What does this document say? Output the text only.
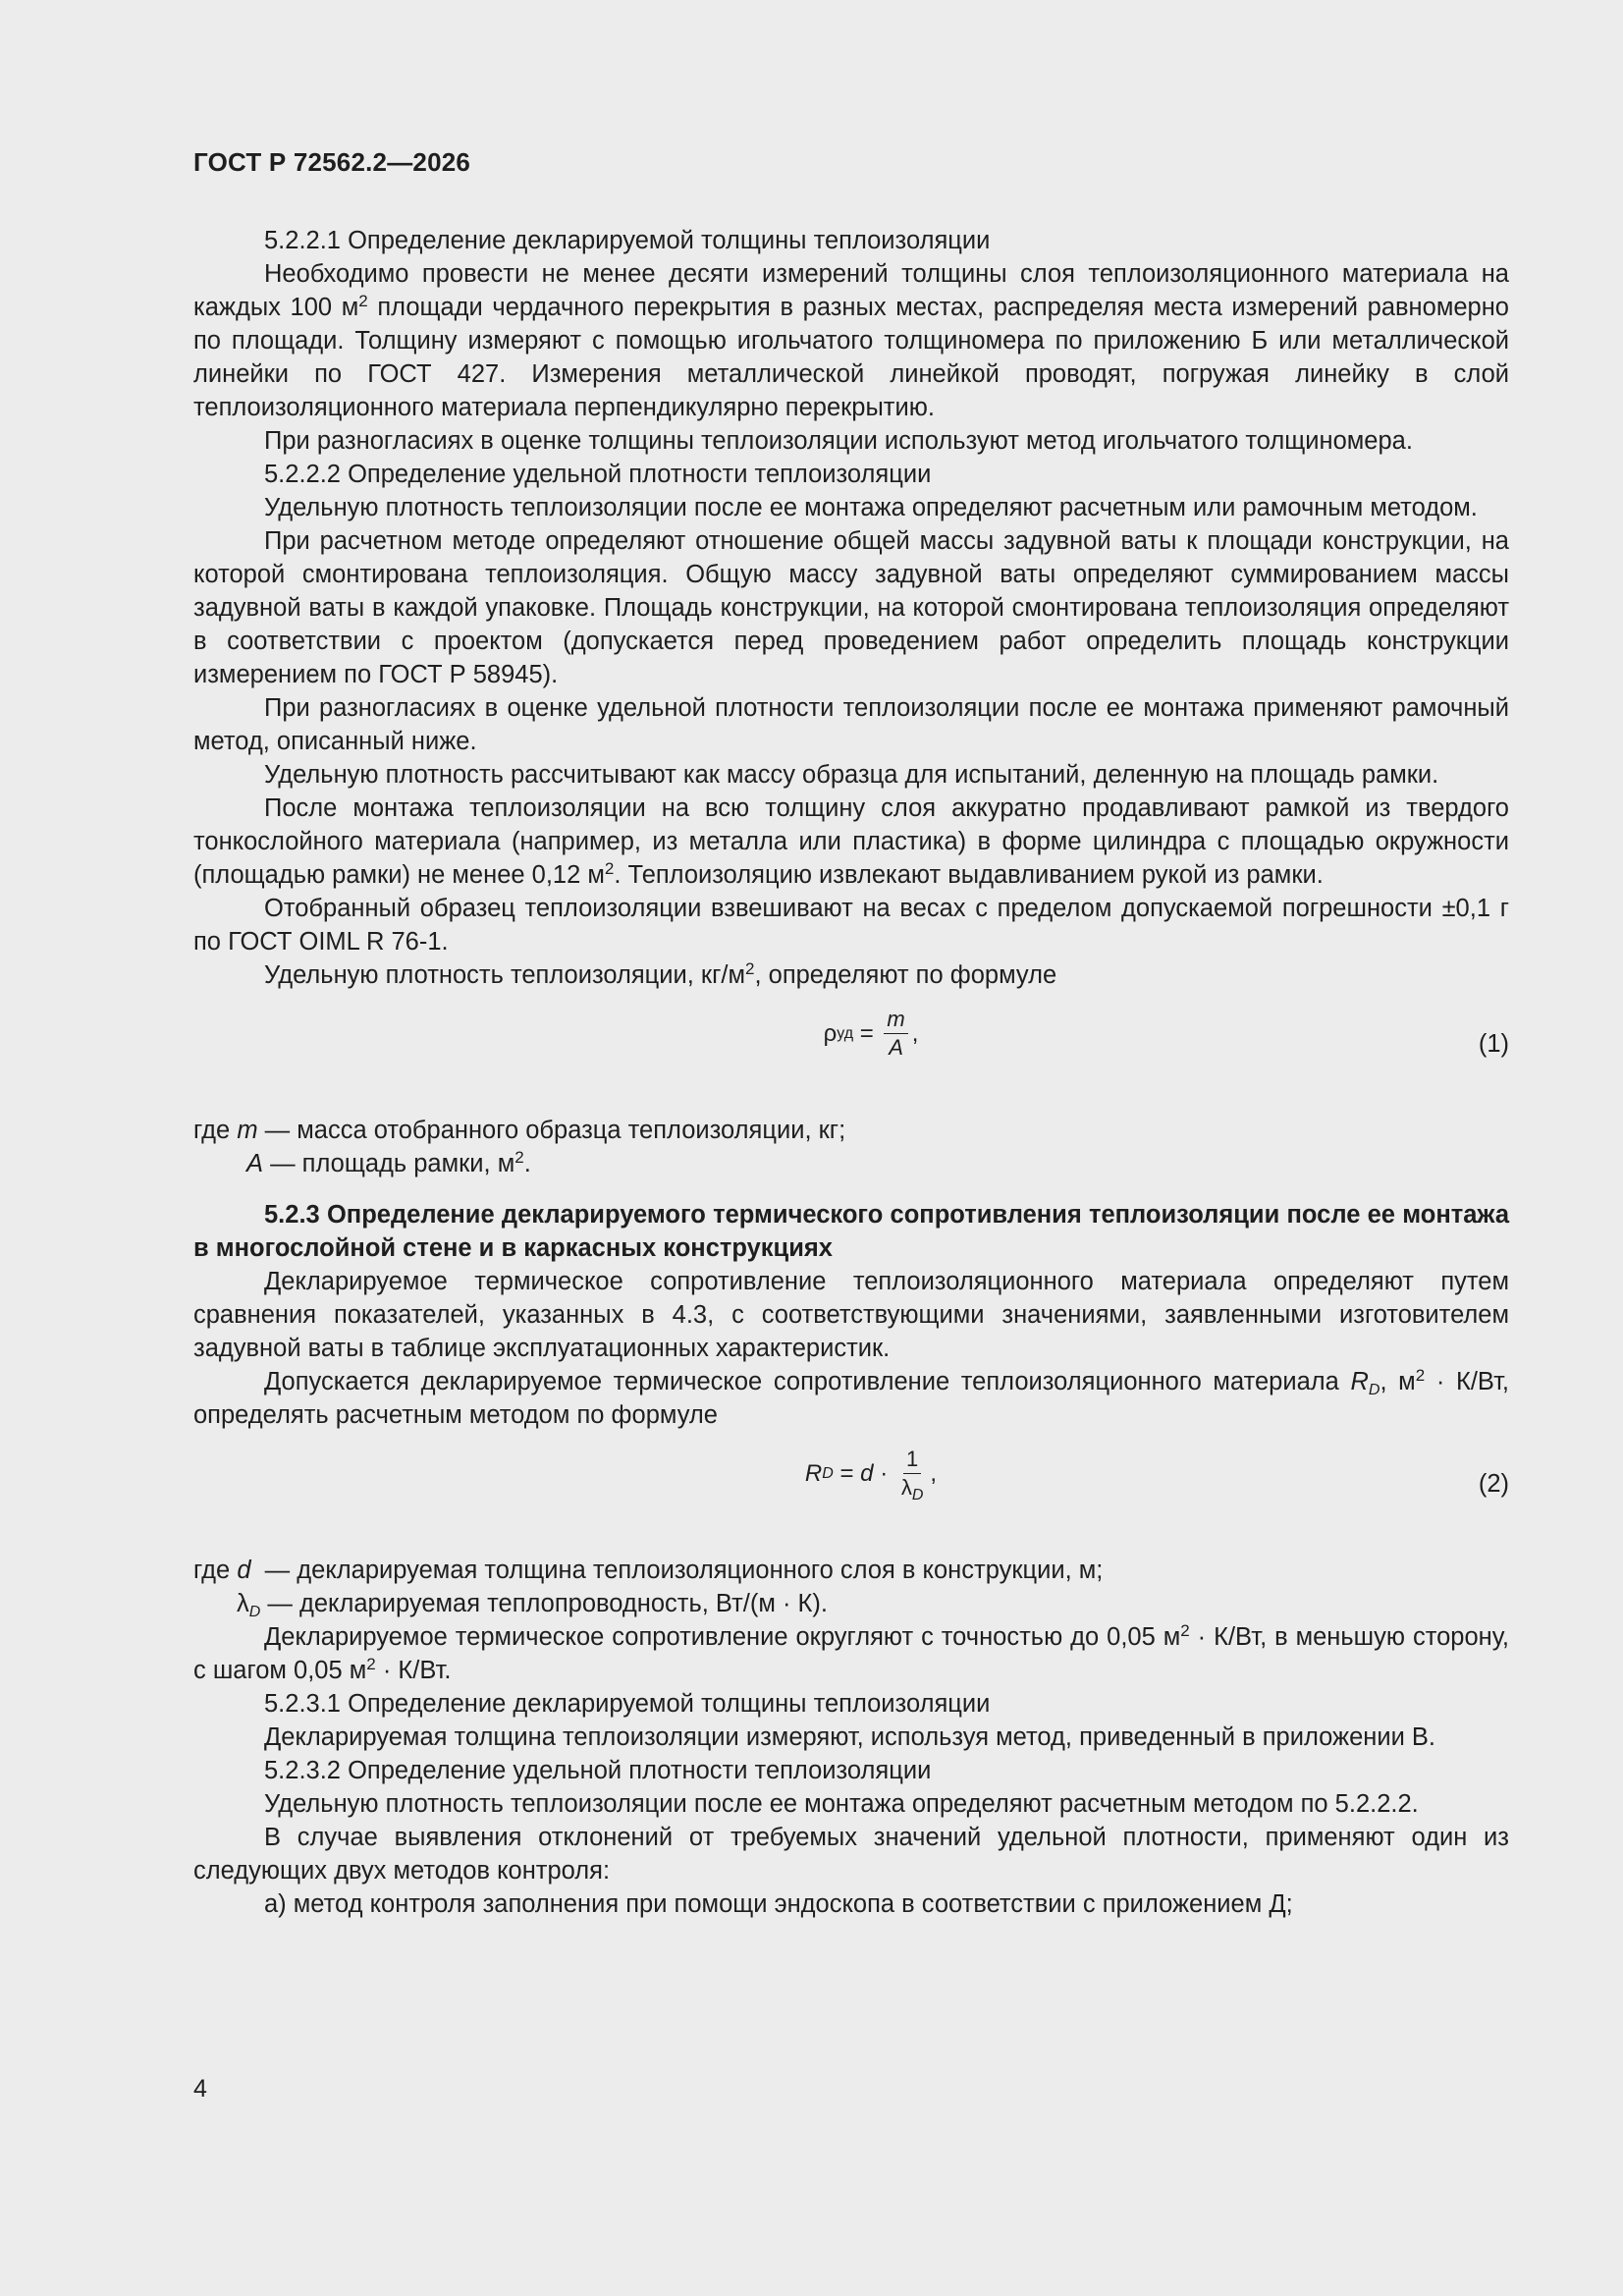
ГОСТ Р 72562.2—2026

5.2.2.1 Определение декларируемой толщины теплоизоляции

Необходимо провести не менее десяти измерений толщины слоя теплоизоляционного материала на каждых 100 $м^2$ площади чердачного перекрытия в разных местах, распределяя места измерений равномерно по площади. Толщину измеряют с помощью игольчатого толщиномера по приложению Б или металлической линейки по ГОСТ 427. Измерения металлической линейкой проводят, погружая линейку в слой теплоизоляционного материала перпендикулярно перекрытию.

При разногласиях в оценке толщины теплоизоляции используют метод игольчатого толщиномера.

5.2.2.2 Определение удельной плотности теплоизоляции

Удельную плотность теплоизоляции после ее монтажа определяют расчетным или рамочным методом.

При расчетном методе определяют отношение общей массы задувной ваты к площади конструкции, на которой смонтирована теплоизоляция. Общую массу задувной ваты определяют суммированием массы задувной ваты в каждой упаковке. Площадь конструкции, на которой смонтирована теплоизоляция определяют в соответствии с проектом (допускается перед проведением работ определить площадь конструкции измерением по ГОСТ Р 58945).

При разногласиях в оценке удельной плотности теплоизоляции после ее монтажа применяют рамочный метод, описанный ниже.

Удельную плотность рассчитывают как массу образца для испытаний, деленную на площадь рамки.

После монтажа теплоизоляции на всю толщину слоя аккуратно продавливают рамкой из твердого тонкослойного материала (например, из металла или пластика) в форме цилиндра с площадью окружности (площадью рамки) не менее 0,12 $м^2$. Теплоизоляцию извлекают выдавливанием рукой из рамки.

Отобранный образец теплоизоляции взвешивают на весах с пределом допускаемой погрешности ±0,1 г по ГОСТ OIML R 76-1.

Удельную плотность теплоизоляции, $кг/м^2$, определяют по формуле

ρ уд = $\frac{m}{A}$ ,	(1)

где m — масса отобранного образца теплоизоляции, кг;

A — площадь рамки, $м^2$.

5.2.3 Определение декларируемого термического сопротивления теплоизоляции после ее монтажа в многослойной стене и в каркасных конструкциях

Декларируемое термическое сопротивление теплоизоляционного материала определяют путем сравнения показателей, указанных в 4.3, с соответствующими значениями, заявленными изготовителем задувной ваты в таблице эксплуатационных характеристик.

Допускается декларируемое термическое сопротивление теплоизоляционного материала $R_D$, $м^2 \cdot К/Вт$, определять расчетным методом по формуле

R $D = d \cdot \frac{1}{\lambda_D}$ ,	(2)

где d  — декларируемая толщина теплоизоляционного слоя в конструкции, м;

$\lambda_D$ — декларируемая теплопроводность, Вт/(м · К).

Декларируемое термическое сопротивление округляют с точностью до 0,05 $м^2 \cdot К/Вт$, в меньшую сторону, с шагом 0,05 $м^2 \cdot К/Вт$.

5.2.3.1 Определение декларируемой толщины теплоизоляции

Декларируемая толщина теплоизоляции измеряют, используя метод, приведенный в приложении В.

5.2.3.2 Определение удельной плотности теплоизоляции

Удельную плотность теплоизоляции после ее монтажа определяют расчетным методом по 5.2.2.2.

В случае выявления отклонений от требуемых значений удельной плотности, применяют один из следующих двух методов контроля:

а) метод контроля заполнения при помощи эндоскопа в соответствии с приложением Д;

4
